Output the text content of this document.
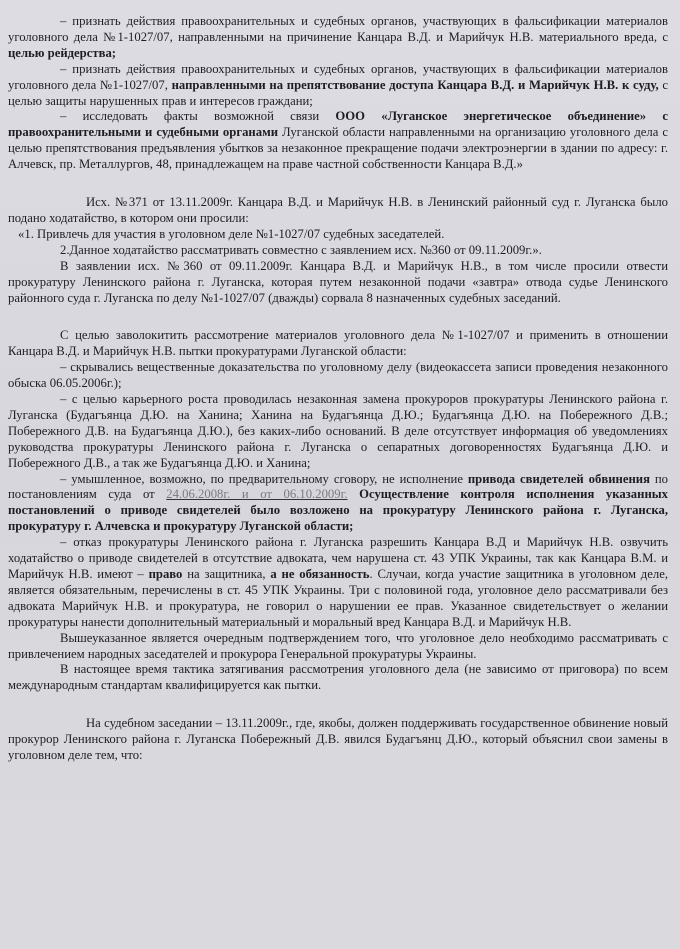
– признать действия правоохранительных и судебных органов, участвующих в фальсификации материалов уголовного дела №1-1027/07, направленными на причинение Канцара В.Д. и Марийчук Н.В. материального вреда, с целью рейдерства;

– признать действия правоохранительных и судебных органов, участвующих в фальсификации материалов уголовного дела №1-1027/07, направленными на препятствование доступа Канцара В.Д. и Марийчук Н.В. к суду, с целью защиты нарушенных прав и интересов граждани;

– исследовать факты возможной связи ООО «Луганское энергетическое объединение» с правоохранительными и судебными органами Луганской области направленными на организацию уголовного дела с целью препятствования предъявления убытков за незаконное прекращение подачи электроэнергии в здании по адресу: г. Алчевск, пр. Металлургов, 48, принадлежащем на праве частной собственности Канцара В.Д.»

Исх. №371 от 13.11.2009г. Канцара В.Д. и Марийчук Н.В. в Ленинский районный суд г. Луганска было подано ходатайство, в котором они просили:

«1. Привлечь для участия в уголовном деле №1-1027/07 судебных заседателей.

2.Данное ходатайство рассматривать совместно с заявлением исх. №360 от 09.11.2009г.».

В заявлении исх. №360 от 09.11.2009г. Канцара В.Д. и Марийчук Н.В., в том числе просили отвести прокуратуру Ленинского района г. Луганска, которая путем незаконной подачи «завтра» отвода судье Ленинского районного суда г. Луганска по делу №1-1027/07 (дважды) сорвала 8 назначенных судебных заседаний.

С целью заволокитить рассмотрение материалов уголовного дела №1-1027/07 и применить в отношении Канцара В.Д. и Марийчук Н.В. пытки прокуратурами Луганской области:

– скрывались вещественные доказательства по уголовному делу (видеокассета записи проведения незаконного обыска 06.05.2006г.);

– с целью карьерного роста проводилась незаконная замена прокуроров прокуратуры Ленинского района г. Луганска (Будагъянца Д.Ю. на Ханина; Ханина на Будагъянца Д.Ю.; Будагъянца Д.Ю. на Побережного Д.В.; Побережного Д.В. на Будагъянца Д.Ю.), без каких-либо оснований. В деле отсутствует информация об уведомлениях руководства прокуратуры Ленинского района г. Луганска о сепаратных договоренностях Будагъянца Д.Ю. и Побережного Д.В., а так же Будагъянца Д.Ю. и Ханина;

– умышленное, возможно, по предварительному сговору, не исполнение привода свидетелей обвинения по постановлениям суда от 24.06.2008г. и от 06.10.2009г. Осуществление контроля исполнения указанных постановлений о приводе свидетелей было возложено на прокуратуру Ленинского района г. Луганска, прокуратуру г. Алчевска и прокуратуру Луганской области;

– отказ прокуратуры Ленинского района г. Луганска разрешить Канцара В.Д и Марийчук Н.В. озвучить ходатайство о приводе свидетелей в отсутствие адвоката, чем нарушена ст. 43 УПК Украины, так как Канцара В.М. и Марийчук Н.В. имеют – право на защитника, а не обязанность. Случаи, когда участие защитника в уголовном деле, является обязательным, перечислены в ст. 45 УПК Украины. Три с половиной года, уголовное дело рассматривали без адвоката Марийчук Н.В. и прокуратура, не говорил о нарушении ее прав. Указанное свидетельствует о желании прокуратуры нанести дополнительный материальный и моральный вред Канцара В.Д. и Марийчук Н.В.

Вышеуказанное является очередным подтверждением того, что уголовное дело необходимо рассматривать с привлечением народных заседателей и прокурора Генеральной прокуратуры Украины.

В настоящее время тактика затягивания рассмотрения уголовного дела (не зависимо от приговора) по всем международным стандартам квалифицируется как пытки.

На судебном заседании – 13.11.2009г., где, якобы, должен поддерживать государственное обвинение новый прокурор Ленинского района г. Луганска Побережный Д.В. явился Будагъянц Д.Ю., который объяснил свои замены в уголовном деле тем, что:
